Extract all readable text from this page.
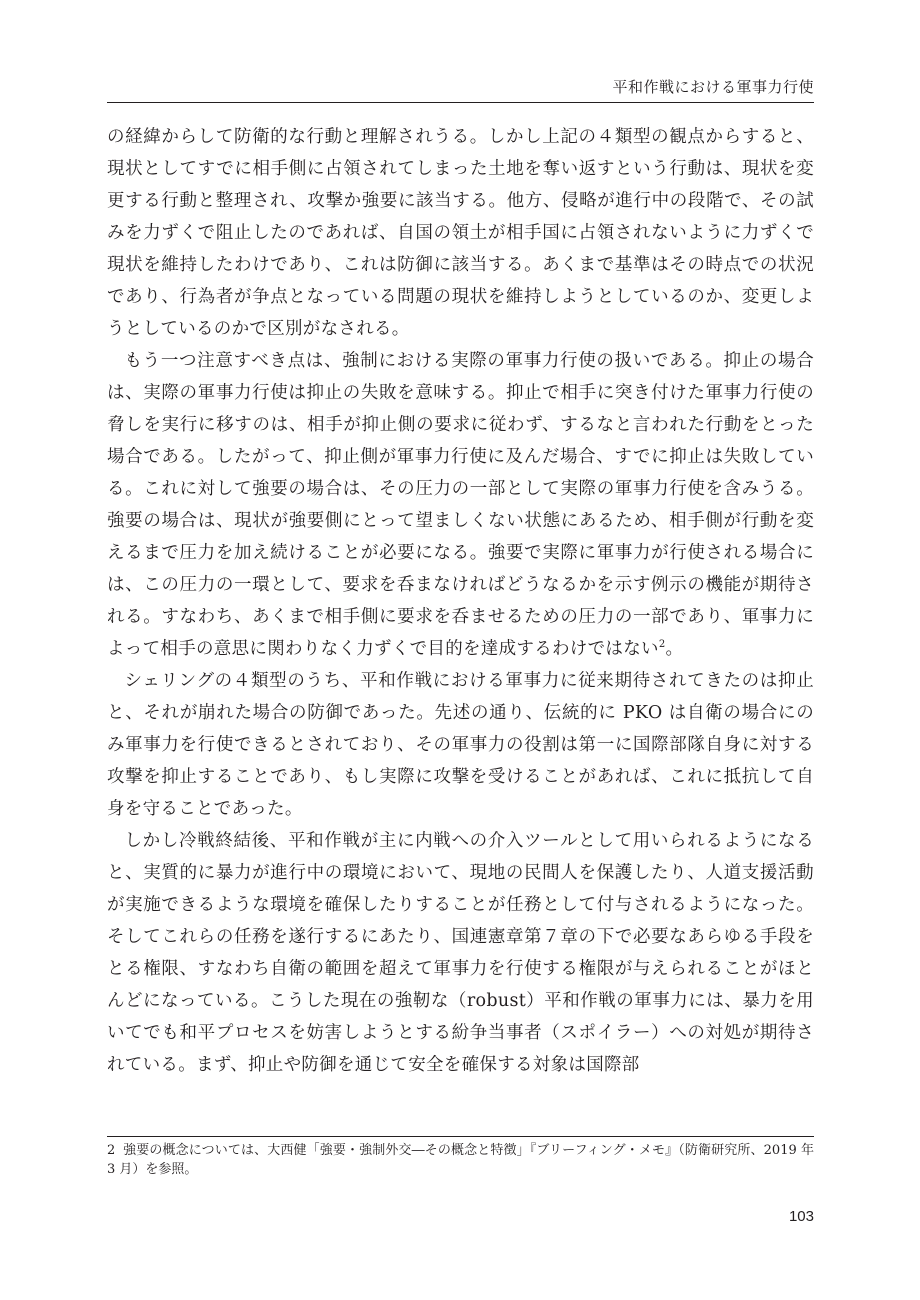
平和作戦における軍事力行使

の経緯からして防衛的な行動と理解されうる。しかし上記の４類型の観点からすると、現状としてすでに相手側に占領されてしまった土地を奪い返すという行動は、現状を変更する行動と整理され、攻撃か強要に該当する。他方、侵略が進行中の段階で、その試みを力ずくで阻止したのであれば、自国の領土が相手国に占領されないように力ずくで現状を維持したわけであり、これは防御に該当する。あくまで基準はその時点での状況であり、行為者が争点となっている問題の現状を維持しようとしているのか、変更しようとしているのかで区別がなされる。

もう一つ注意すべき点は、強制における実際の軍事力行使の扱いである。抑止の場合は、実際の軍事力行使は抑止の失敗を意味する。抑止で相手に突き付けた軍事力行使の脅しを実行に移すのは、相手が抑止側の要求に従わず、するなと言われた行動をとった場合である。したがって、抑止側が軍事力行使に及んだ場合、すでに抑止は失敗している。これに対して強要の場合は、その圧力の一部として実際の軍事力行使を含みうる。強要の場合は、現状が強要側にとって望ましくない状態にあるため、相手側が行動を変えるまで圧力を加え続けることが必要になる。強要で実際に軍事力が行使される場合には、この圧力の一環として、要求を呑まなければどうなるかを示す例示の機能が期待される。すなわち、あくまで相手側に要求を呑ませるための圧力の一部であり、軍事力によって相手の意思に関わりなく力ずくで目的を達成するわけではない$^2$。

シェリングの４類型のうち、平和作戦における軍事力に従来期待されてきたのは抑止と、それが崩れた場合の防御であった。先述の通り、伝統的に PKO は自衛の場合にのみ軍事力を行使できるとされており、その軍事力の役割は第一に国際部隊自身に対する攻撃を抑止することであり、もし実際に攻撃を受けることがあれば、これに抵抗して自身を守ることであった。

しかし冷戦終結後、平和作戦が主に内戦への介入ツールとして用いられるようになると、実質的に暴力が進行中の環境において、現地の民間人を保護したり、人道支援活動が実施できるような環境を確保したりすることが任務として付与されるようになった。そしてこれらの任務を遂行するにあたり、国連憲章第７章の下で必要なあらゆる手段をとる権限、すなわち自衛の範囲を超えて軍事力を行使する権限が与えられることがほとんどになっている。こうした現在の強靭な（robust）平和作戦の軍事力には、暴力を用いてでも和平プロセスを妨害しようとする紛争当事者（スポイラー）への対処が期待されている。まず、抑止や防御を通じて安全を確保する対象は国際部

2 強要の概念については、大西健「強要・強制外交―その概念と特徴」『ブリーフィング・メモ』（防衛研究所、2019 年 3 月）を参照。
103
